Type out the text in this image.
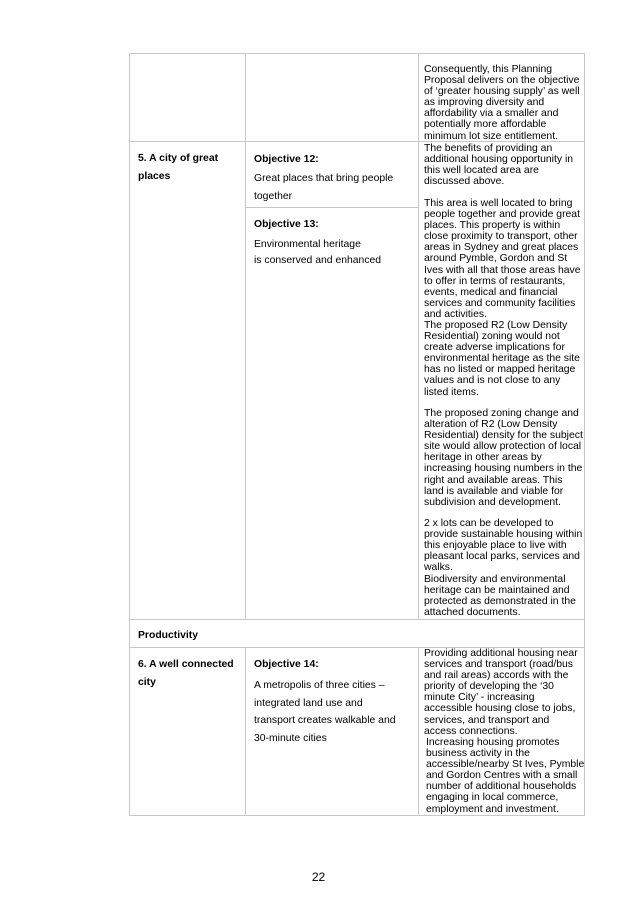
Consequently, this Planning Proposal delivers on the objective of ‘greater housing supply’ as well as improving diversity and affordability via a smaller and potentially more affordable minimum lot size entitlement.

5. A city of great places

Objective 12:

Great places that bring people together

Objective 13:

Environmental heritage

is conserved and enhanced

The benefits of providing an additional housing opportunity in this well located area are discussed above.

This area is well located to bring people together and provide great places. This property is within close proximity to transport, other areas in Sydney and great places around Pymble, Gordon and St Ives with all that those areas have to offer in terms of restaurants, events, medical and financial services and community facilities and activities.

The proposed R2 (Low Density Residential) zoning would not create adverse implications for environmental heritage as the site has no listed or mapped heritage values and is not close to any listed items.

The proposed zoning change and alteration of R2 (Low Density Residential) density for the subject site would allow protection of local heritage in other areas by increasing housing numbers in the right and available areas. This land is available and viable for subdivision and development.

2 x lots can be developed to provide sustainable housing within this enjoyable place to live with pleasant local parks, services and walks.

Biodiversity and environmental heritage can be maintained and protected as demonstrated in the attached documents.

Productivity

6. A well connected city

Objective 14:

A metropolis of three cities – integrated land use and transport creates walkable and 30-minute cities

Providing additional housing near services and transport (road/bus and rail areas) accords with the priority of developing the ‘30 minute City’ - increasing accessible housing close to jobs, services, and transport and access connections.

Increasing housing promotes business activity in the accessible/nearby St Ives, Pymble and Gordon Centres with a small number of additional households engaging in local commerce, employment and investment.

22
